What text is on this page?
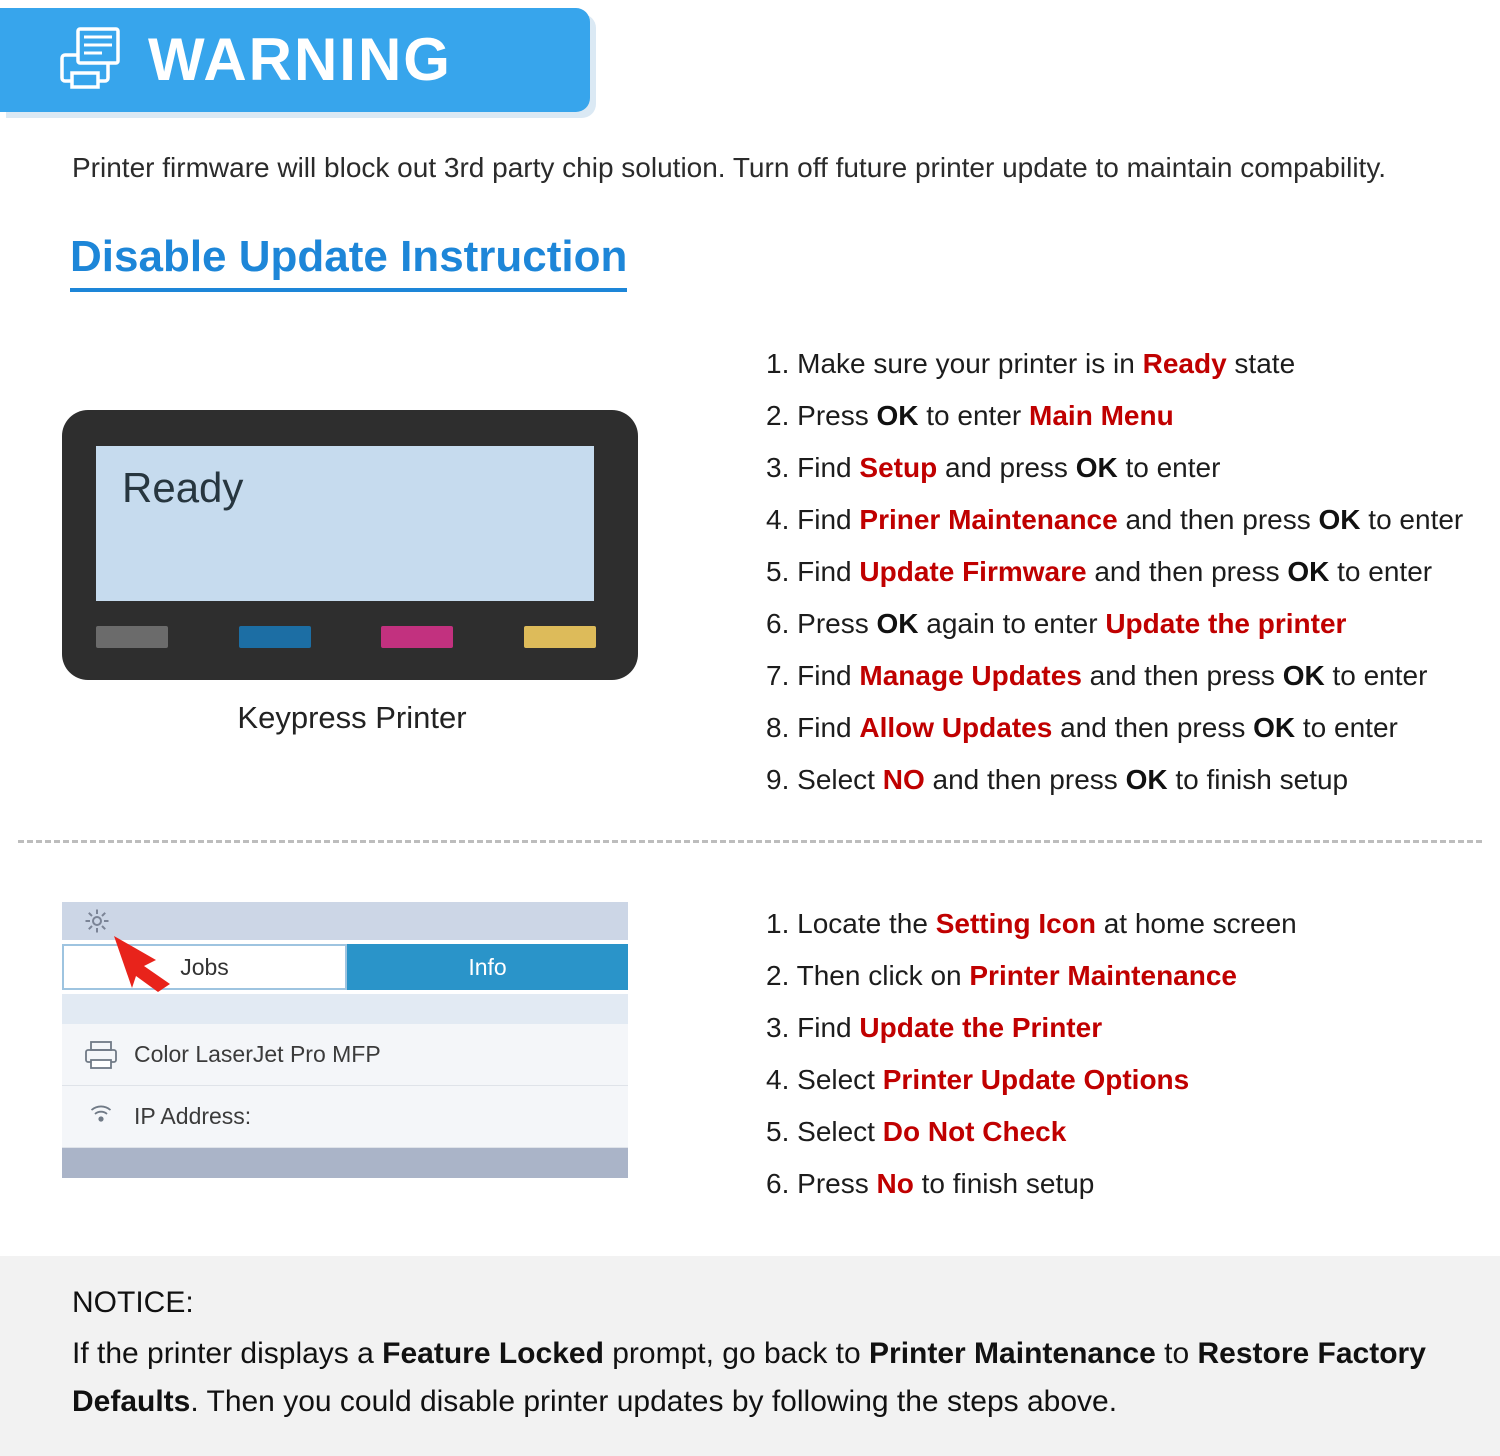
WARNING
Printer firmware will block out 3rd party chip solution. Turn off future printer update to maintain compability.
Disable Update Instruction
Ready
Keypress Printer
1. Make sure your printer is in Ready state
2. Press OK to enter Main Menu
3. Find Setup and press OK to enter
4. Find Priner Maintenance and then press OK to enter
5. Find Update Firmware and then press OK to enter
6. Press OK again to enter Update the printer
7. Find Manage Updates and then press OK to enter
8. Find Allow Updates and then press OK to enter
9. Select NO and then press OK to finish setup
Jobs	Info
Color LaserJet Pro MFP
IP Address:
1. Locate the Setting Icon at home screen
2. Then click on Printer Maintenance
3. Find Update the Printer
4. Select Printer Update Options
5. Select Do Not Check
6. Press No to finish setup
NOTICE:
If the printer displays a Feature Locked prompt, go back to Printer Maintenance to Restore Factory Defaults. Then you could disable printer updates by following the steps above.
